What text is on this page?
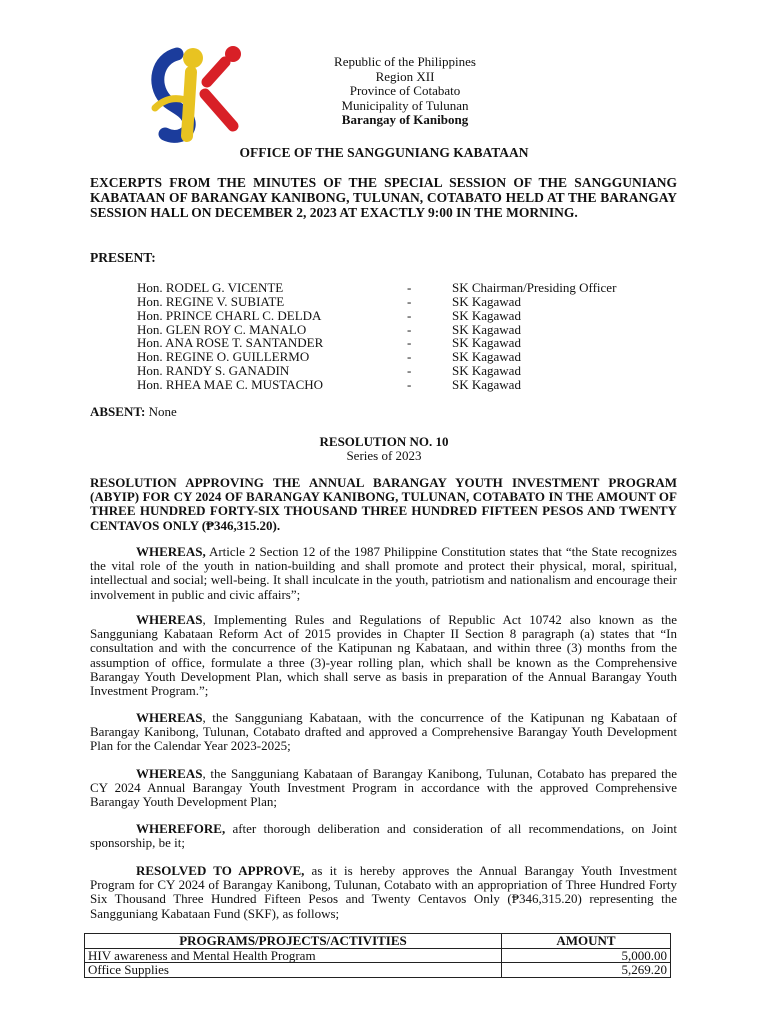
Republic of the Philippines
Region XII
Province of Cotabato
Municipality of Tulunan
Barangay of Kanibong
OFFICE OF THE SANGGUNIANG KABATAAN
EXCERPTS FROM THE MINUTES OF THE SPECIAL SESSION OF THE SANGGUNIANG KABATAAN OF BARANGAY KANIBONG, TULUNAN, COTABATO HELD AT THE BARANGAY SESSION HALL ON DECEMBER 2, 2023 AT EXACTLY 9:00 IN THE MORNING.
PRESENT:
Hon. RODEL G. VICENTE	-	SK Chairman/Presiding Officer
Hon. REGINE V. SUBIATE	-	SK Kagawad
Hon. PRINCE CHARL C. DELDA	-	SK Kagawad
Hon. GLEN ROY C. MANALO	-	SK Kagawad
Hon. ANA ROSE T. SANTANDER	-	SK Kagawad
Hon. REGINE O. GUILLERMO	-	SK Kagawad
Hon. RANDY S. GANADIN	-	SK Kagawad
Hon. RHEA MAE C. MUSTACHO	-	SK Kagawad
ABSENT: None
RESOLUTION NO. 10
Series of 2023
RESOLUTION APPROVING THE ANNUAL BARANGAY YOUTH INVESTMENT PROGRAM (ABYIP) FOR CY 2024 OF BARANGAY KANIBONG, TULUNAN, COTABATO IN THE AMOUNT OF THREE HUNDRED FORTY-SIX THOUSAND THREE HUNDRED FIFTEEN PESOS AND TWENTY CENTAVOS ONLY (₱346,315.20).
WHEREAS, Article 2 Section 12 of the 1987 Philippine Constitution states that “the State recognizes the vital role of the youth in nation-building and shall promote and protect their physical, moral, spiritual, intellectual and social; well-being. It shall inculcate in the youth, patriotism and nationalism and encourage their involvement in public and civic affairs”;
WHEREAS, Implementing Rules and Regulations of Republic Act 10742 also known as the Sangguniang Kabataan Reform Act of 2015 provides in Chapter II Section 8 paragraph (a) states that “In consultation and with the concurrence of the Katipunan ng Kabataan, and within three (3) months from the assumption of office, formulate a three (3)-year rolling plan, which shall be known as the Comprehensive Barangay Youth Development Plan, which shall serve as basis in preparation of the Annual Barangay Youth Investment Program.”;
WHEREAS, the Sangguniang Kabataan, with the concurrence of the Katipunan ng Kabataan of Barangay Kanibong, Tulunan, Cotabato drafted and approved a Comprehensive Barangay Youth Development Plan for the Calendar Year 2023-2025;
WHEREAS, the Sangguniang Kabataan of Barangay Kanibong, Tulunan, Cotabato has prepared the CY 2024 Annual Barangay Youth Investment Program in accordance with the approved Comprehensive Barangay Youth Development Plan;
WHEREFORE, after thorough deliberation and consideration of all recommendations, on Joint sponsorship, be it;
RESOLVED TO APPROVE, as it is hereby approves the Annual Barangay Youth Investment Program for CY 2024 of Barangay Kanibong, Tulunan, Cotabato with an appropriation of Three Hundred Forty Six Thousand Three Hundred Fifteen Pesos and Twenty Centavos Only (₱346,315.20) representing the Sangguniang Kabataan Fund (SKF), as follows;
PROGRAMS/PROJECTS/ACTIVITIES	AMOUNT
HIV awareness and Mental Health Program	5,000.00
Office Supplies	5,269.20
